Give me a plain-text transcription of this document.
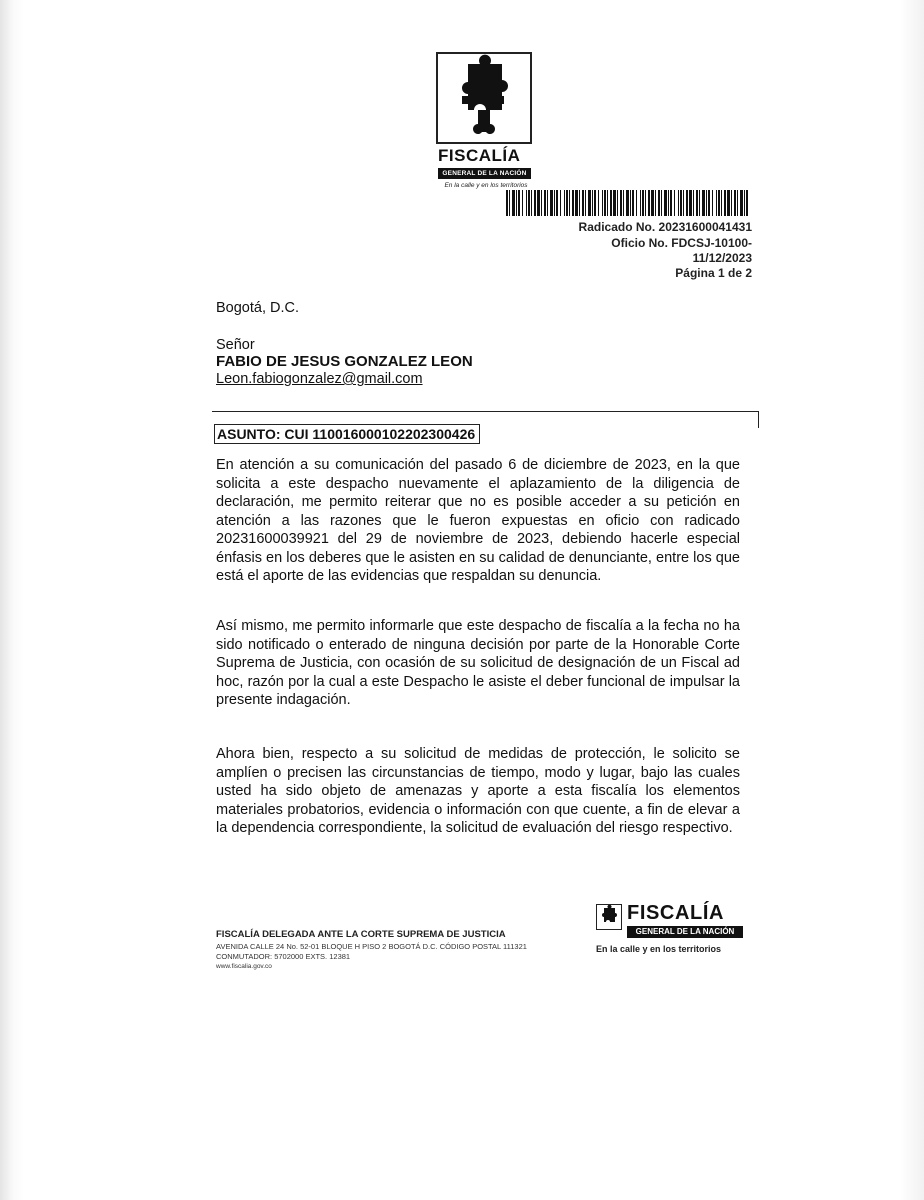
FISCALÍA
GENERAL DE LA NACIÓN
En la calle y en los territorios
Radicado No. 20231600041431
Oficio No. FDCSJ-10100-
11/12/2023
Página 1 de 2
Bogotá, D.C.
Señor
FABIO DE JESUS GONZALEZ LEON
Leon.fabiogonzalez@gmail.com
ASUNTO: CUI 11001600010220230042​6
En atención a su comunicación del pasado 6 de diciembre de 2023, en la que solicita a este despacho nuevamente el aplazamiento de la diligencia de declaración, me permito reiterar que no es posible acceder a su petición en atención a las razones que le fueron expuestas en oficio con radicado 20231600039921 del 29 de noviembre de 2023, debiendo hacerle especial énfasis en los deberes que le asisten en su calidad de denunciante, entre los que está el aporte de las evidencias que respaldan su denuncia.
Así mismo, me permito informarle que este despacho de fiscalía a la fecha no ha sido notificado o enterado de ninguna decisión por parte de la Honorable Corte Suprema de Justicia, con ocasión de su solicitud de designación de un Fiscal ad hoc, razón por la cual a este Despacho le asiste el deber funcional de impulsar la presente indagación.
Ahora bien, respecto a su solicitud de medidas de protección, le solicito se amplíen o precisen las circunstancias de tiempo, modo y lugar, bajo las cuales usted ha sido objeto de amenazas y aporte a esta fiscalía los elementos materiales probatorios, evidencia o información con que cuente, a fin de elevar a la dependencia correspondiente, la solicitud de evaluación del riesgo respectivo.
FISCALÍA DELEGADA ANTE LA CORTE SUPREMA DE JUSTICIA
AVENIDA CALLE 24 No. 52-01 BLOQUE H PISO 2 BOGOTÁ D.C. CÓDIGO POSTAL 111321
CONMUTADOR: 5702000 EXTS. 12381
www.fiscalia.gov.co
FISCALÍA
GENERAL DE LA NACIÓN
En la calle y en los territorios
